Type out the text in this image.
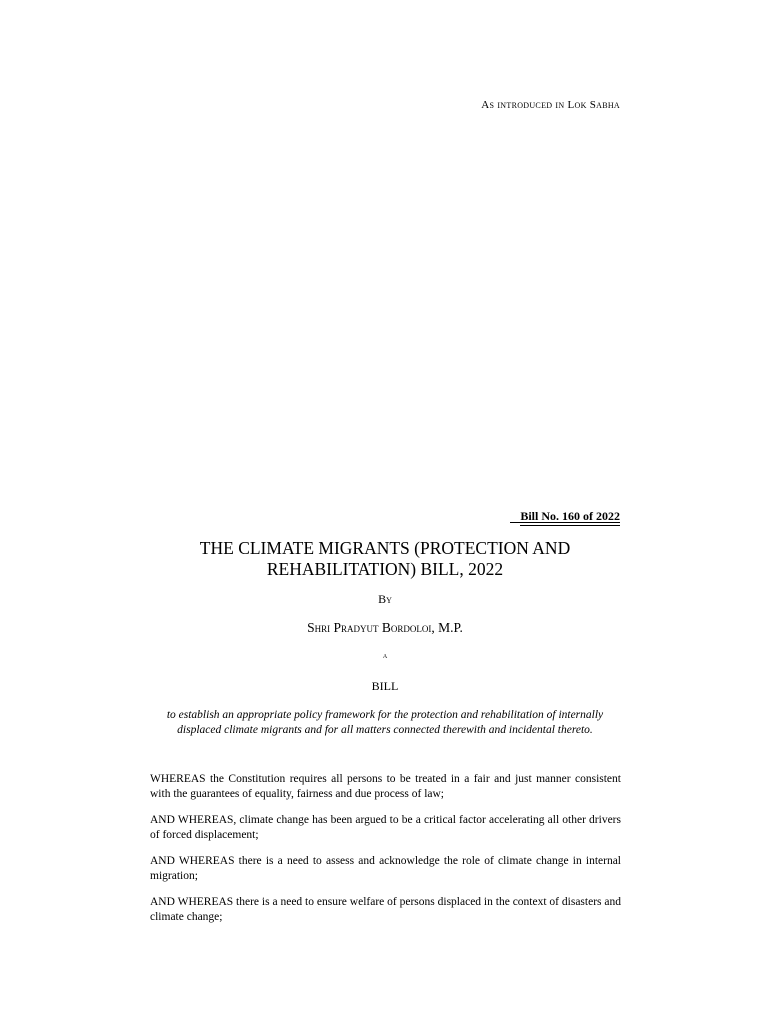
As introduced in Lok Sabha
Bill No. 160 of 2022
THE CLIMATE MIGRANTS (PROTECTION AND REHABILITATION) BILL, 2022
By
Shri Pradyut Bordoloi, M.P.
a
BILL
to establish an appropriate policy framework for the protection and rehabilitation of internally displaced climate migrants and for all matters connected therewith and incidental thereto.

WHEREAS the Constitution requires all persons to be treated in a fair and just manner consistent with the guarantees of equality, fairness and due process of law;

AND WHEREAS, climate change has been argued to be a critical factor accelerating all other drivers of forced displacement;

AND WHEREAS there is a need to assess and acknowledge the role of climate change in internal migration;

AND WHEREAS there is a need to ensure welfare of persons displaced in the context of disasters and climate change;
